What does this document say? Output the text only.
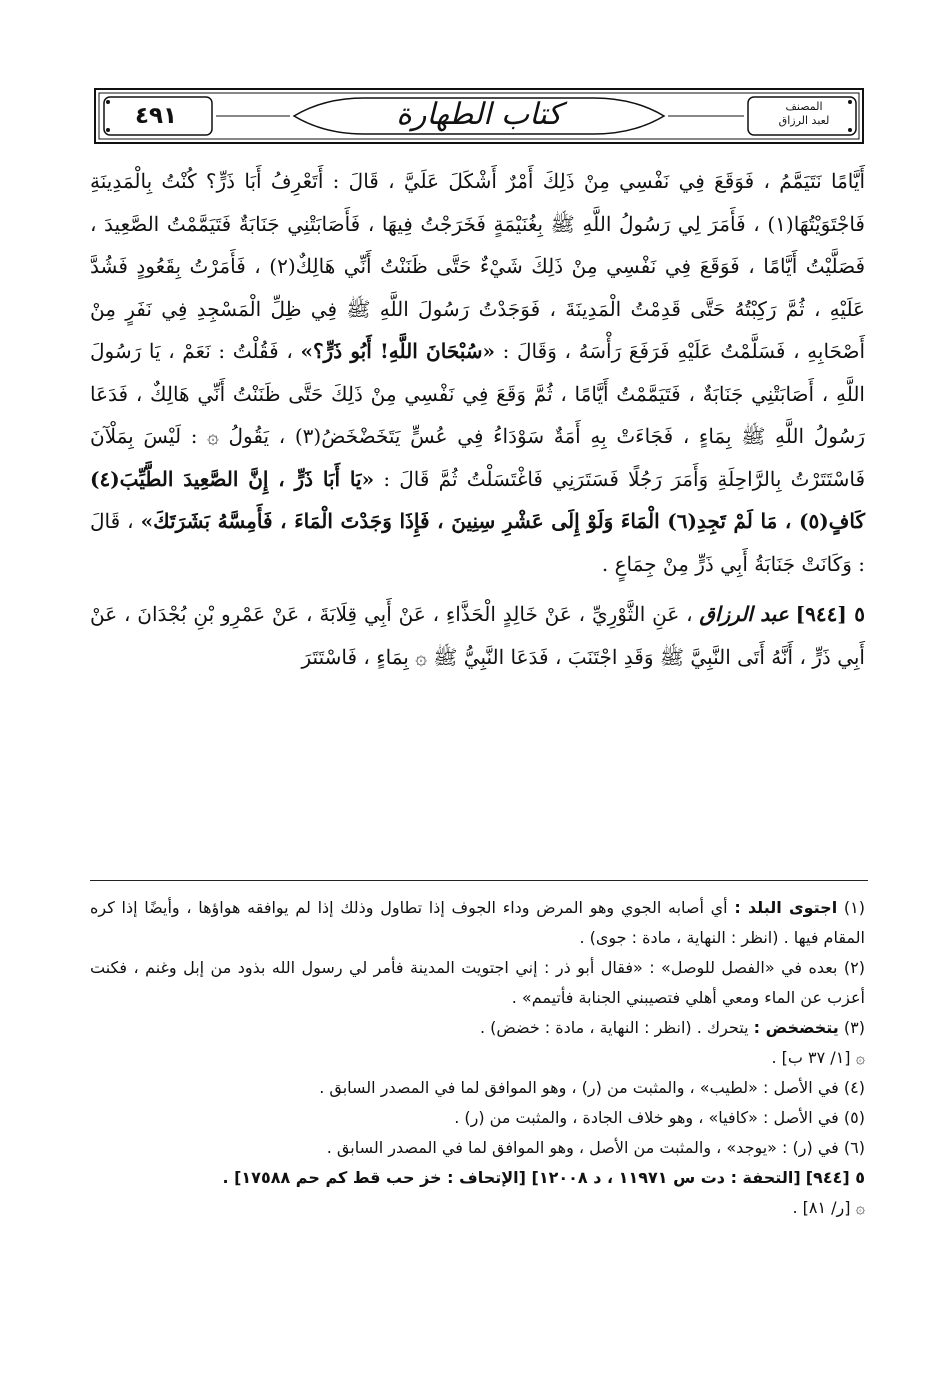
٤٩١	كتاب الطهارة	المصنف
لعبد الرزاق

أَيَّامًا نَتَيَمَّمُ ، فَوَقَعَ فِي نَفْسِي مِنْ ذَلِكَ أَمْرٌ أَشْكَلَ عَلَيَّ ، قَالَ : أَتَعْرِفُ أَبَا ذَرٍّ؟ كُنْتُ بِالْمَدِينَةِ فَاجْتَوَيْتُهَا(١) ، فَأَمَرَ لِي رَسُولُ اللَّهِ ﷺ بِغُنَيْمَةٍ فَخَرَجْتُ فِيهَا ، فَأَصَابَتْنِي جَنَابَةٌ فَتَيَمَّمْتُ الصَّعِيدَ ، فَصَلَّيْتُ أَيَّامًا ، فَوَقَعَ فِي نَفْسِي مِنْ ذَلِكَ شَيْءٌ حَتَّى ظَنَنْتُ أَنِّي هَالِكٌ(٢) ، فَأَمَرْتُ بِقَعُودٍ فَشُدَّ عَلَيْهِ ، ثُمَّ رَكِبْتُهُ حَتَّى قَدِمْتُ الْمَدِينَةَ ، فَوَجَدْتُ رَسُولَ اللَّهِ ﷺ فِي ظِلِّ الْمَسْجِدِ فِي نَفَرٍ مِنْ أَصْحَابِهِ ، فَسَلَّمْتُ عَلَيْهِ فَرَفَعَ رَأْسَهُ ، وَقَالَ : «سُبْحَانَ اللَّهِ! أَبُو ذَرٍّ؟» ، فَقُلْتُ : نَعَمْ ، يَا رَسُولَ اللَّهِ ، أَصَابَتْنِي جَنَابَةٌ ، فَتَيَمَّمْتُ أَيَّامًا ، ثُمَّ وَقَعَ فِي نَفْسِي مِنْ ذَلِكَ حَتَّى ظَنَنْتُ أَنِّي هَالِكٌ ، فَدَعَا رَسُولُ اللَّهِ ﷺ بِمَاءٍ ، فَجَاءَتْ بِهِ أَمَةٌ سَوْدَاءُ فِي عُسٍّ يَتَخَضْخَضُ(٣) ، يَقُولُ ۞ : لَيْسَ بِمَلْآنَ فَاسْتَتَرْتُ بِالرَّاحِلَةِ وَأَمَرَ رَجُلًا فَسَتَرَنِي فَاغْتَسَلْتُ ثُمَّ قَالَ : «يَا أَبَا ذَرٍّ ، إِنَّ الصَّعِيدَ الطَّيِّبَ(٤) كَافٍ(٥) ، مَا لَمْ تَجِدِ(٦) الْمَاءَ وَلَوْ إِلَى عَشْرِ سِنِينَ ، فَإِذَا وَجَدْتَ الْمَاءَ ، فَأَمِسَّهُ بَشَرَتَكَ» ، قَالَ : وَكَانَتْ جَنَابَةُ أَبِي ذَرٍّ مِنْ جِمَاعٍ .

٥ [٩٤٤] عبد الرزاق ، عَنِ الثَّوْرِيِّ ، عَنْ خَالِدٍ الْحَذَّاءِ ، عَنْ أَبِي قِلَابَةَ ، عَنْ عَمْرِو بْنِ بُجْدَانَ ، عَنْ أَبِي ذَرٍّ ، أَنَّهُ أَتَى النَّبِيَّ ﷺ وَقَدِ اجْتَنَبَ ، فَدَعَا النَّبِيُّ ﷺ ۞ بِمَاءٍ ، فَاسْتَتَرَ

(١) اجتوى البلد : أي أصابه الجوي وهو المرض وداء الجوف إذا تطاول وذلك إذا لم يوافقه هواؤها ، وأيضًا إذا كره المقام فيها . (انظر : النهاية ، مادة : جوى) .

(٢) بعده في «الفصل للوصل» : «فقال أبو ذر : إني اجتويت المدينة فأمر لي رسول الله بذود من إبل وغنم ، فكنت أعزب عن الماء ومعي أهلي فتصيبني الجنابة فأتيمم» .

(٣) يتخضخض : يتحرك . (انظر : النهاية ، مادة : خضض) .

۞ [١/ ٣٧ ب] .

(٤) في الأصل : «لطيب» ، والمثبت من (ر) ، وهو الموافق لما في المصدر السابق .

(٥) في الأصل : «كافيا» ، وهو خلاف الجادة ، والمثبت من (ر) .

(٦) في (ر) : «يوجد» ، والمثبت من الأصل ، وهو الموافق لما في المصدر السابق .

٥ [٩٤٤] [التحفة : دت س ١١٩٧١ ، د ١٢٠٠٨] [الإتحاف : خز حب قط كم حم ١٧٥٨٨] .

۞ [ر/ ٨١] .
